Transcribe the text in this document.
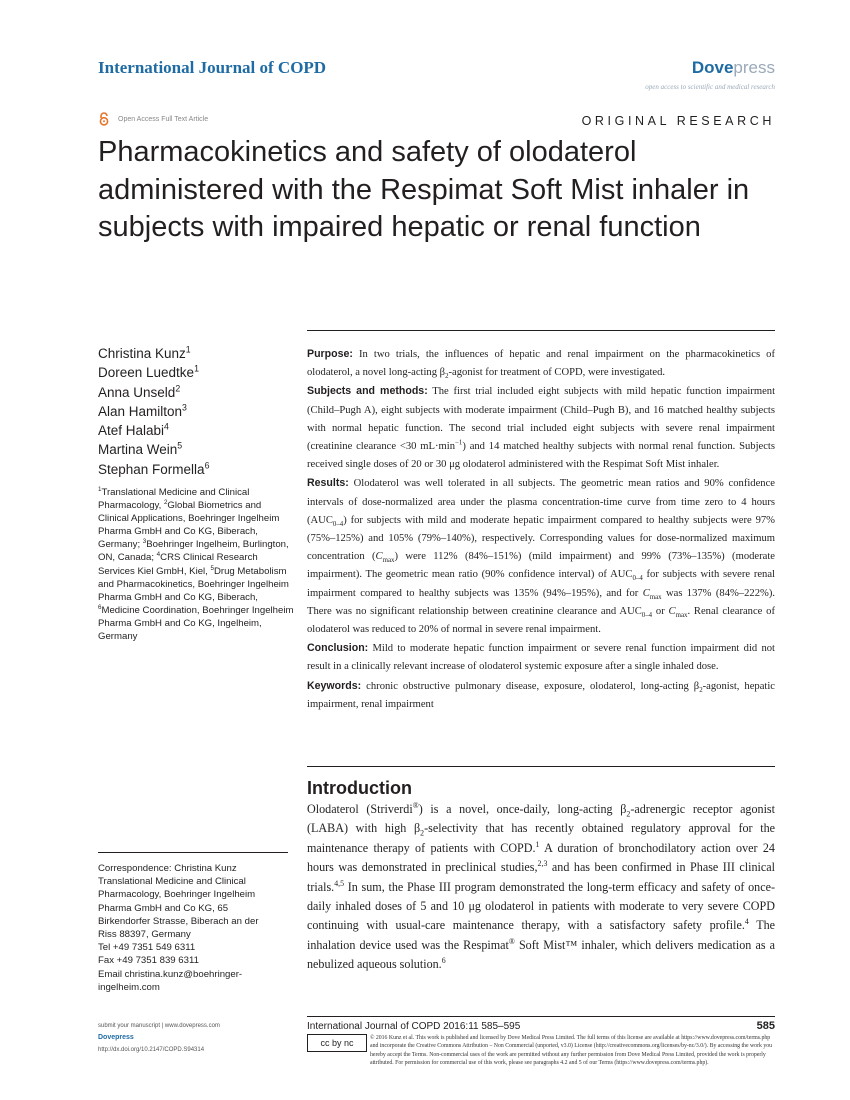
International Journal of COPD	Dovepress
open access to scientific and medical research
Open Access Full Text Article	ORIGINAL RESEARCH
Pharmacokinetics and safety of olodaterol administered with the Respimat Soft Mist inhaler in subjects with impaired hepatic or renal function
Christina Kunz$^1$
Doreen Luedtke$^1$
Anna Unseld$^2$
Alan Hamilton$^3$
Atef Halabi$^4$
Martina Wein$^5$
Stephan Formella$^6$
$^1$Translational Medicine and Clinical Pharmacology, $^2$Global Biometrics and Clinical Applications, Boehringer Ingelheim Pharma GmbH and Co KG, Biberach, Germany; $^3$Boehringer Ingelheim, Burlington, ON, Canada; $^4$CRS Clinical Research Services Kiel GmbH, Kiel, $^5$Drug Metabolism and Pharmacokinetics, Boehringer Ingelheim Pharma GmbH and Co KG, Biberach, $^6$Medicine Coordination, Boehringer Ingelheim Pharma GmbH and Co KG, Ingelheim, Germany

Purpose: In two trials, the influences of hepatic and renal impairment on the pharmacokinetics of olodaterol, a novel long-acting $\beta_2$-agonist for treatment of COPD, were investigated.

Subjects and methods: The first trial included eight subjects with mild hepatic function impairment (Child–Pugh A), eight subjects with moderate impairment (Child–Pugh B), and 16 matched healthy subjects with normal hepatic function. The second trial included eight subjects with severe renal impairment (creatinine clearance <30 $mL\cdot\min^{-1}$) and 14 matched healthy subjects with normal renal function. Subjects received single doses of 20 or 30 μg olodaterol administered with the Respimat Soft Mist inhaler.

Results: Olodaterol was well tolerated in all subjects. The geometric mean ratios and 90% confidence intervals of dose-normalized area under the plasma concentration-time curve from time zero to 4 hours $(AUC_{0-4})$ for subjects with mild and moderate hepatic impairment compared to healthy subjects were 97% (75%–125%) and 105% (79%–140%), respectively. Corresponding values for dose-normalized maximum concentration $(C_{max})$ were 112% (84%–151%) (mild impairment) and 99% (73%–135%) (moderate impairment). The geometric mean ratio (90% confidence interval) of $AUC_{0-4}$ for subjects with severe renal impairment compared to healthy subjects was 135% (94%–195%), and for $C_{max}$ was 137% (84%–222%). There was no significant relationship between creatinine clearance and $AUC_{0-4}$ or $C_{max}$. Renal clearance of olodaterol was reduced to 20% of normal in severe renal impairment.

Conclusion: Mild to moderate hepatic function impairment or severe renal function impairment did not result in a clinically relevant increase of olodaterol systemic exposure after a single inhaled dose.

Keywords: chronic obstructive pulmonary disease, exposure, olodaterol, long-acting $\beta_2$-agonist, hepatic impairment, renal impairment

Introduction

Olodaterol (Striverdi®) is a novel, once-daily, long-acting $\beta_2$-adrenergic receptor agonist (LABA) with high $\beta_2$-selectivity that has recently obtained regulatory approval for the maintenance therapy of patients with COPD.$^1$ A duration of bronchodilatory action over 24 hours was demonstrated in preclinical studies,$^{2,3}$ and has been confirmed in Phase III clinical trials.$^{4,5}$ In sum, the Phase III program demonstrated the long-term efficacy and safety of once-daily inhaled doses of 5 and 10 μg olodaterol in patients with moderate to very severe COPD continuing with usual-care maintenance therapy, with a satisfactory safety profile.$^4$ The inhalation device used was the Respimat® Soft Mist™ inhaler, which delivers medication as a nebulized aqueous solution.$^6$

Correspondence: Christina Kunz
Translational Medicine and Clinical
Pharmacology, Boehringer Ingelheim
Pharma GmbH and Co KG, 65
Birkendorfer Strasse, Biberach an der
Riss 88397, Germany
Tel +49 7351 549 6311
Fax +49 7351 839 6311
Email christina.kunz@boehringer-
ingelheim.com
submit your manuscript | www.dovepress.com
Dovepress
http://dx.doi.org/10.2147/COPD.S94314
International Journal of COPD 2016:11 585–595	585
cc by nc	© 2016 Kunz et al. This work is published and licensed by Dove Medical Press Limited. The full terms of this license are available at https://www.dovepress.com/terms.php and incorporate the Creative Commons Attribution – Non Commercial (unported, v3.0) License (http://creativecommons.org/licenses/by-nc/3.0/). By accessing the work you hereby accept the Terms. Non-commercial uses of the work are permitted without any further permission from Dove Medical Press Limited, provided the work is properly attributed. For permission for commercial use of this work, please see paragraphs 4.2 and 5 of our Terms (https://www.dovepress.com/terms.php).
